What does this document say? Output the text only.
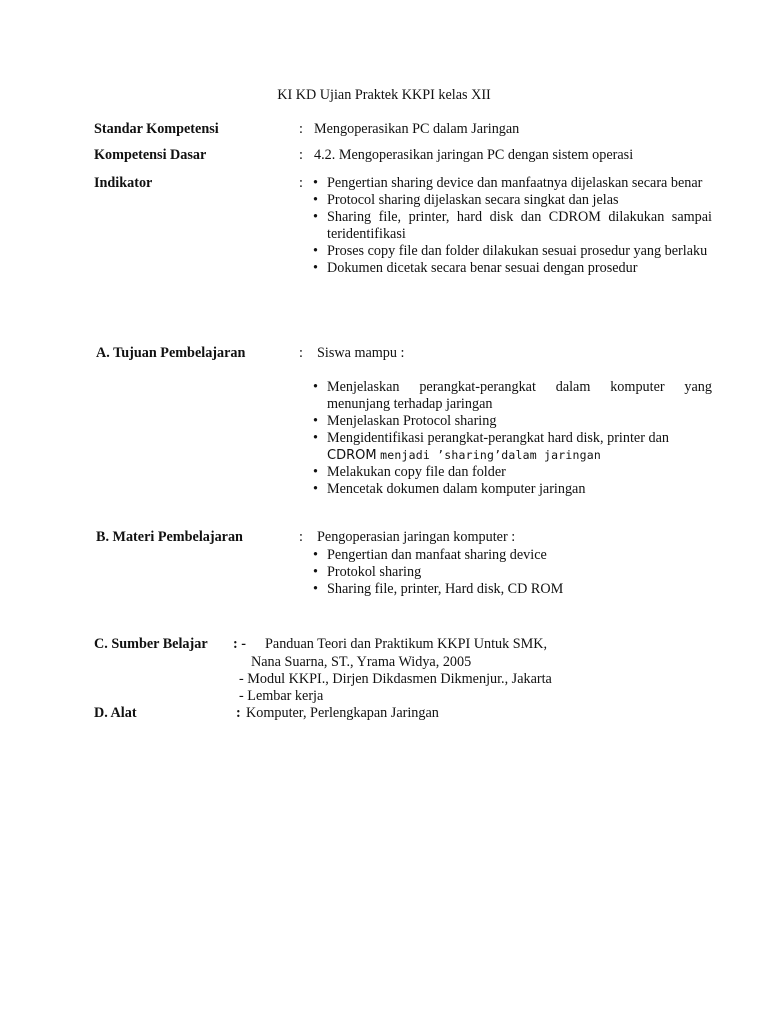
KI KD Ujian Praktek KKPI kelas XII
Standar Kompetensi	: Mengoperasikan PC dalam Jaringan
Kompetensi Dasar	: 4.2. Mengoperasikan jaringan PC dengan sistem operasi
Indikator	: • Pengertian sharing device dan manfaatnya dijelaskan secara benar
• Protocol sharing dijelaskan secara singkat dan jelas
• Sharing file, printer, hard disk dan CDROM dilakukan sampai teridentifikasi
• Proses copy file dan folder dilakukan sesuai prosedur yang berlaku
• Dokumen dicetak secara benar sesuai dengan prosedur
A. Tujuan Pembelajaran	: Siswa mampu :
• Menjelaskan perangkat-perangkat dalam komputer yang menunjang terhadap jaringan
• Menjelaskan Protocol sharing
• Mengidentifikasi perangkat-perangkat hard disk, printer dan
CDROM menjadi ’sharing’dalam jaringan
• Melakukan copy file dan folder
• Mencetak dokumen dalam komputer jaringan
B. Materi Pembelajaran	: Pengoperasian jaringan komputer :
• Pengertian dan manfaat sharing device
• Protokol sharing
• Sharing file, printer, Hard disk, CD ROM
C. Sumber Belajar : - Panduan Teori dan Praktikum KKPI Untuk SMK,
Nana Suarna, ST., Yrama Widya, 2005
- Modul KKPI., Dirjen Dikdasmen Dikmenjur., Jakarta
- Lembar kerja
D. Alat	: Komputer, Perlengkapan Jaringan
